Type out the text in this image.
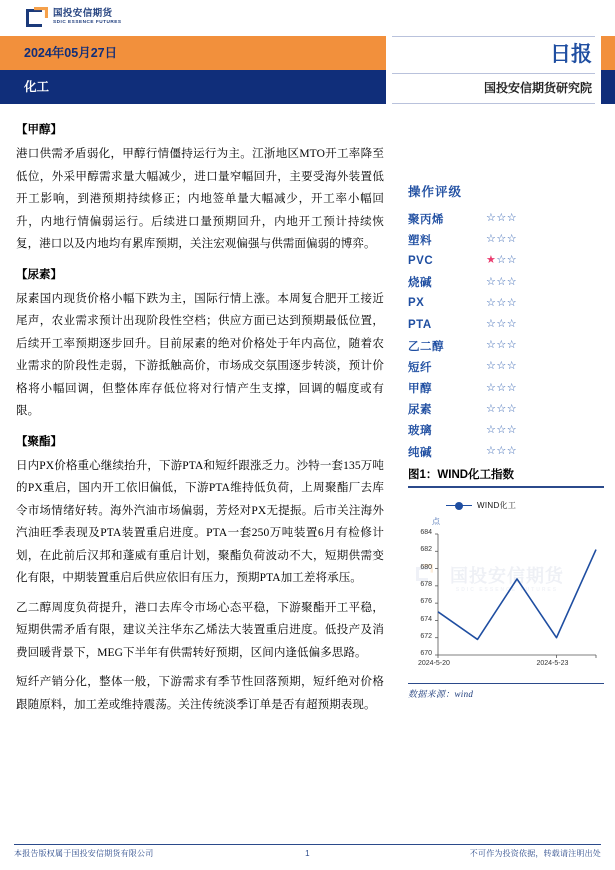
国投安信期货
SDIC ESSENCE FUTURES
2024年05月27日
化工
日报
国投安信期货研究院
【甲醇】

港口供需矛盾弱化，甲醇行情僵持运行为主。江浙地区MTO开工率降至低位，外采甲醇需求量大幅减少，进口量窄幅回升，主要受海外装置低开工影响，到港预期持续修正；内地签单量大幅减少，开工率小幅回升，内地行情偏弱运行。后续进口量预期回升，内地开工预计持续恢复，港口以及内地均有累库预期，关注宏观偏强与供需面偏弱的博弈。

【尿素】

尿素国内现货价格小幅下跌为主，国际行情上涨。本周复合肥开工接近尾声，农业需求预计出现阶段性空档；供应方面已达到预期最低位置，后续开工率预期逐步回升。目前尿素的绝对价格处于年内高位，随着农业需求的阶段性走弱，下游抵触高价，市场成交氛围逐步转淡，预计价格将小幅回调，但整体库存低位将对行情产生支撑，回调的幅度或有限。

【聚酯】

日内PX价格重心继续抬升，下游PTA和短纤跟涨乏力。沙特一套135万吨的PX重启，国内开工依旧偏低，下游PTA维持低负荷，上周聚酯厂去库令市场情绪好转。海外汽油市场偏弱，芳烃对PX无提振。后市关注海外汽油旺季表现及PTA装置重启进度。PTA一套250万吨装置6月有检修计划，在此前后汉邦和蓬威有重启计划，聚酯负荷波动不大，短期供需变化有限，中期装置重启后供应依旧有压力，预期PTA加工差将承压。

乙二醇周度负荷提升，港口去库令市场心态平稳，下游聚酯开工平稳，短期供需矛盾有限，建议关注华东乙烯法大装置重启进度。低投产及消费回暖背景下，MEG下半年有供需转好预期，区间内逢低偏多思路。

短纤产销分化，整体一般，下游需求有季节性回落预期，短纤绝对价格跟随原料，加工差或维持震荡。关注传统淡季订单是否有超预期表现。

操作评级
聚丙烯	☆☆☆
塑料	☆☆☆
PVC	★☆☆
烧碱	☆☆☆
PX	☆☆☆
PTA	☆☆☆
乙二醇	☆☆☆
短纤	☆☆☆
甲醇	☆☆☆
尿素	☆☆☆
玻璃	☆☆☆
纯碱	☆☆☆
图1：WIND化工指数
WIND化工
点
国投安信期货
SDIC ESSENCE FUTURES
670
672
674
676
678
680
682
684
2024-5-20	2024-5-23
数据来源：wind
本报告版权属于国投安信期货有限公司	1	不可作为投资依据，转载请注明出处
